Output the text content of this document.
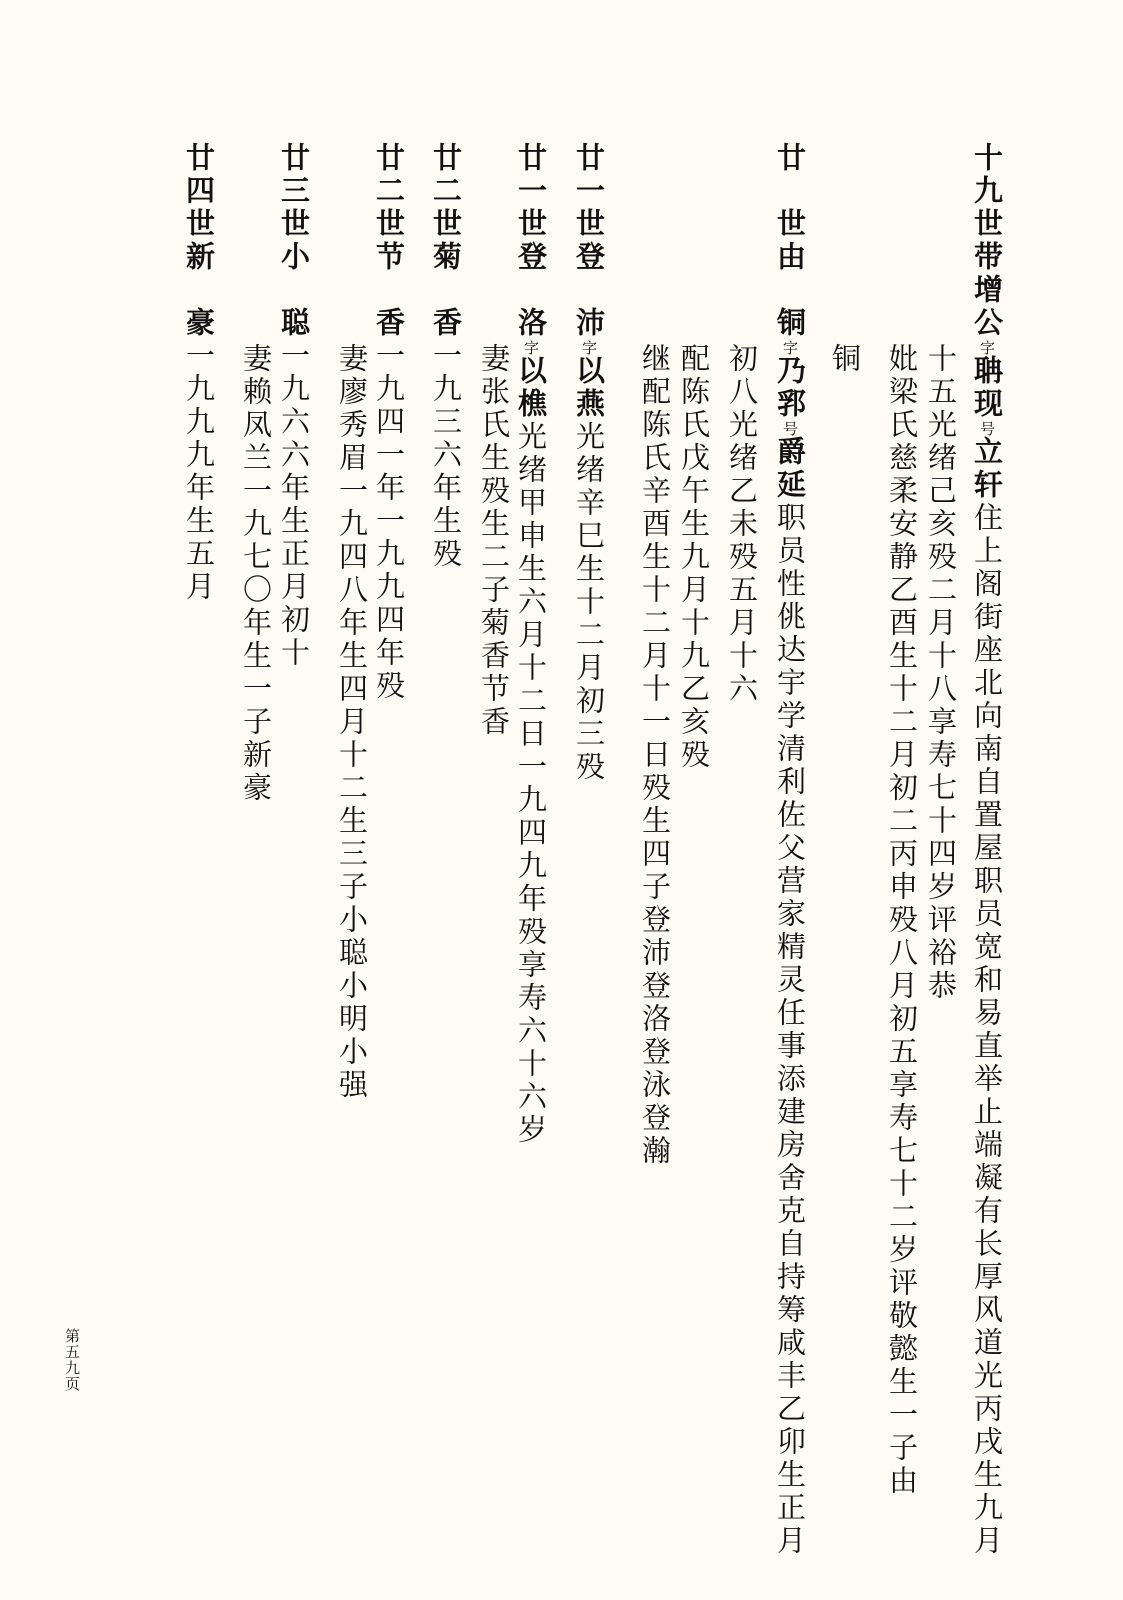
十九世带增公字聃现号立轩住上阁街座北向南自置屋职员宽和易直举止端凝有长厚风道光丙戌生九月
十五光绪己亥殁二月十八享寿七十四岁评裕恭
妣梁氏慈柔安静乙酉生十二月初二丙申殁八月初五享寿七十二岁评敬懿生一子由
铜
廿　世由　铜字乃郛号爵延职员性佻达宇学清利佐父营家精灵任事添建房舍克自持筹咸丰乙卯生正月
初八光绪乙未殁五月十六
配陈氏戊午生九月十九乙亥殁
继配陈氏辛酉生十二月十一日殁生四子登沛登洛登泳登瀚
廿一世登　沛字以燕光绪辛巳生十二月初三殁
廿一世登　洛字以樵光绪甲申生六月十二日一九四九年殁享寿六十六岁
妻张氏生殁生二子菊香节香
廿二世菊　香一九三六年生殁
廿二世节　香一九四一年一九九四年殁
妻廖秀眉一九四八年生四月十二生三子小聪小明小强
廿三世小　聪一九六六年生正月初十
妻赖凤兰一九七〇年生一子新豪
廿四世新　豪一九九九年生五月
第五九页
